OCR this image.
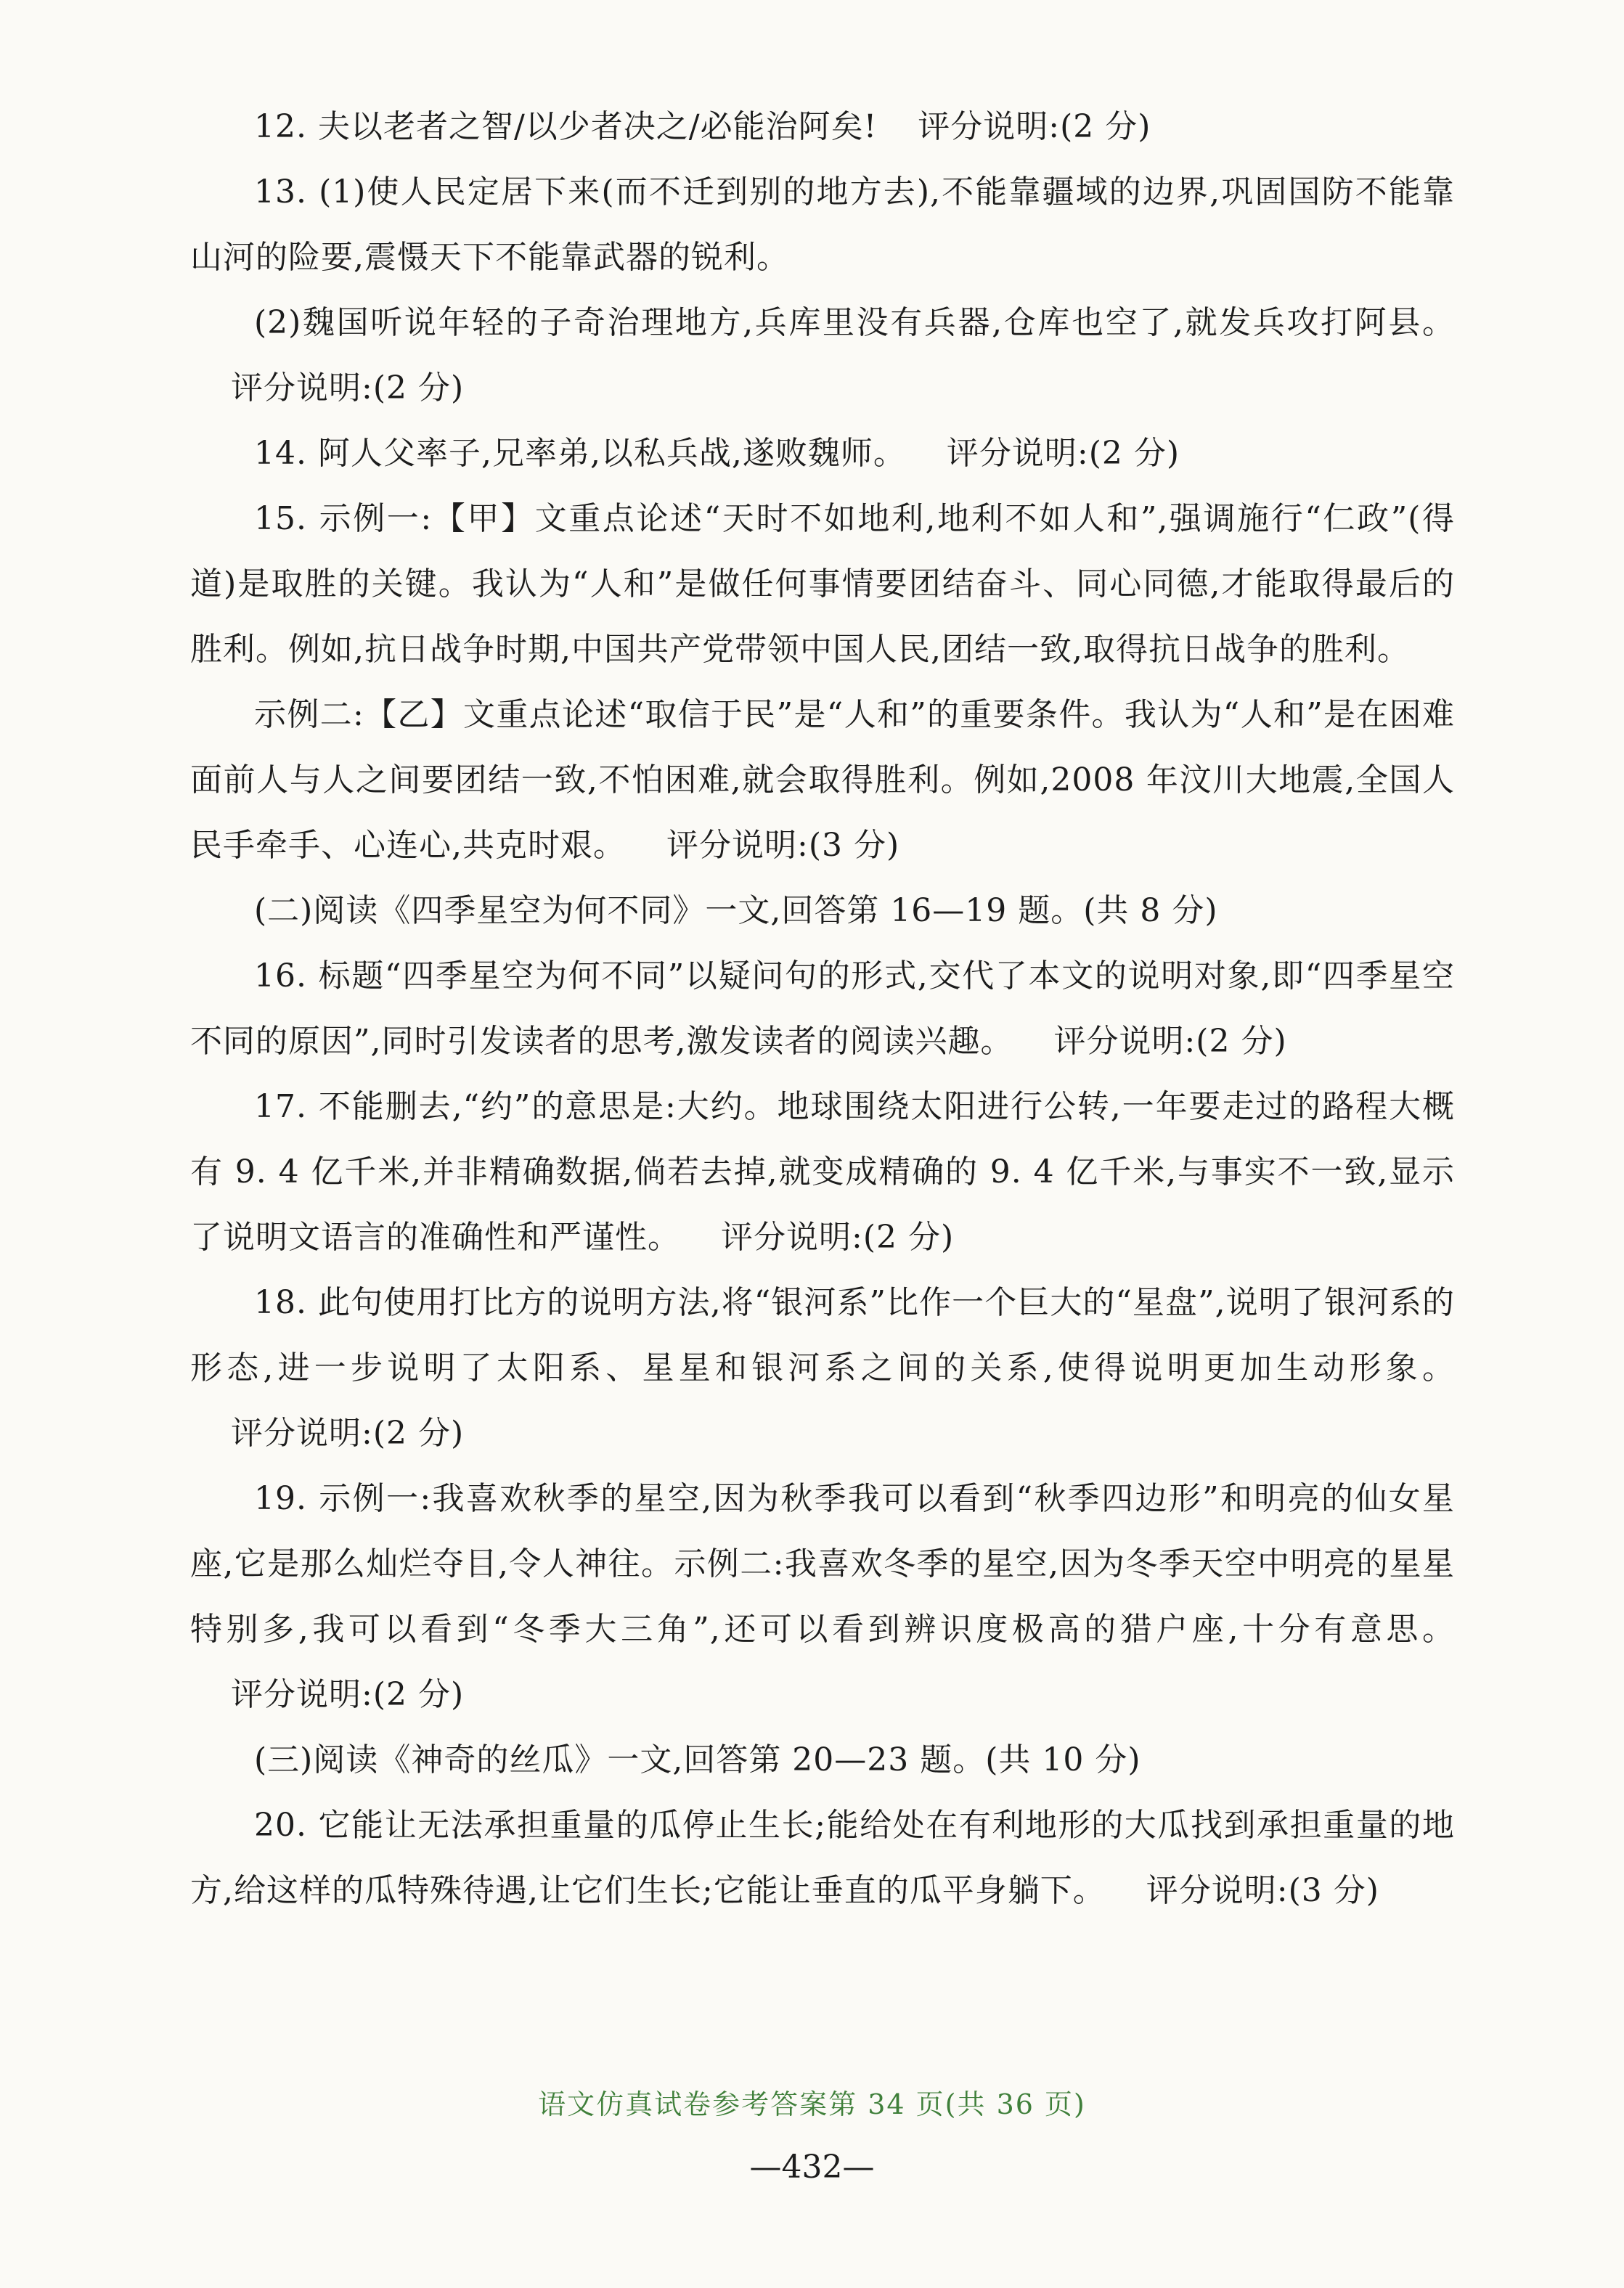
12. 夫以老者之智/以少者决之/必能治阿矣! 评分说明:(2 分)

13. (1)使人民定居下来(而不迁到别的地方去),不能靠疆域的边界,巩固国防不能靠山河的险要,震慑天下不能靠武器的锐利。

(2)魏国听说年轻的子奇治理地方,兵库里没有兵器,仓库也空了,就发兵攻打阿县。评分说明:(2 分)

14. 阿人父率子,兄率弟,以私兵战,遂败魏师。 评分说明:(2 分)

15. 示例一:【甲】文重点论述“天时不如地利,地利不如人和”,强调施行“仁政”(得道)是取胜的关键。我认为“人和”是做任何事情要团结奋斗、同心同德,才能取得最后的胜利。例如,抗日战争时期,中国共产党带领中国人民,团结一致,取得抗日战争的胜利。

示例二:【乙】文重点论述“取信于民”是“人和”的重要条件。我认为“人和”是在困难面前人与人之间要团结一致,不怕困难,就会取得胜利。例如,2008 年汶川大地震,全国人民手牵手、心连心,共克时艰。 评分说明:(3 分)

(二)阅读《四季星空为何不同》一文,回答第 16—19 题。(共 8 分)

16. 标题“四季星空为何不同”以疑问句的形式,交代了本文的说明对象,即“四季星空不同的原因”,同时引发读者的思考,激发读者的阅读兴趣。 评分说明:(2 分)

17. 不能删去,“约”的意思是:大约。地球围绕太阳进行公转,一年要走过的路程大概有 9. 4 亿千米,并非精确数据,倘若去掉,就变成精确的 9. 4 亿千米,与事实不一致,显示了说明文语言的准确性和严谨性。 评分说明:(2 分)

18. 此句使用打比方的说明方法,将“银河系”比作一个巨大的“星盘”,说明了银河系的形态,进一步说明了太阳系、星星和银河系之间的关系,使得说明更加生动形象。评分说明:(2 分)

19. 示例一:我喜欢秋季的星空,因为秋季我可以看到“秋季四边形”和明亮的仙女星座,它是那么灿烂夺目,令人神往。示例二:我喜欢冬季的星空,因为冬季天空中明亮的星星特别多,我可以看到“冬季大三角”,还可以看到辨识度极高的猎户座,十分有意思。评分说明:(2 分)

(三)阅读《神奇的丝瓜》一文,回答第 20—23 题。(共 10 分)

20. 它能让无法承担重量的瓜停止生长;能给处在有利地形的大瓜找到承担重量的地方,给这样的瓜特殊待遇,让它们生长;它能让垂直的瓜平身躺下。 评分说明:(3 分)

语文仿真试卷参考答案第 34 页(共 36 页)
—432—
